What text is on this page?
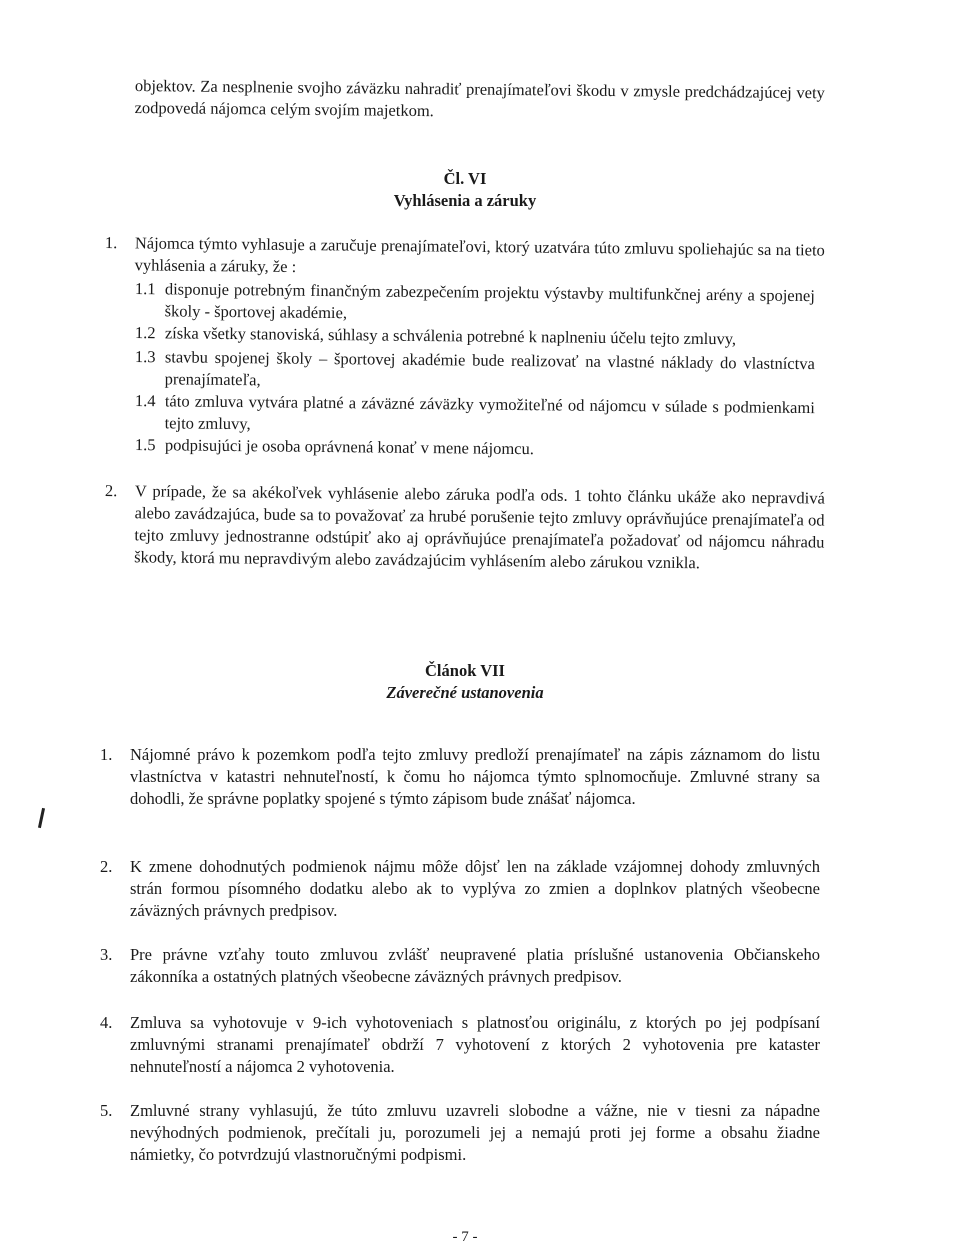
objektov. Za nesplnenie svojho záväzku nahradiť prenajímateľovi škodu v zmysle predchádzajúcej vety zodpovedá nájomca celým svojím majetkom.
Čl. VI
Vyhlásenia a záruky
1.	Nájomca týmto vyhlasuje a zaručuje prenajímateľovi, ktorý uzatvára túto zmluvu spoliehajúc sa na tieto vyhlásenia a záruky, že :
1.1 disponuje potrebným finančným zabezpečením projektu výstavby multifunkčnej arény a spojenej školy - športovej akadémie,
1.2 získa všetky stanoviská, súhlasy a schválenia potrebné k naplneniu účelu tejto zmluvy,
1.3 stavbu spojenej školy – športovej akadémie bude realizovať na vlastné náklady do vlastníctva prenajímateľa,
1.4 táto zmluva vytvára platné a záväzné záväzky vymožiteľné od nájomcu v súlade s podmienkami tejto zmluvy,
1.5 podpisujúci je osoba oprávnená konať v mene nájomcu.
2.	V prípade, že sa akékoľvek vyhlásenie alebo záruka podľa ods. 1 tohto článku ukáže ako nepravdivá alebo zavádzajúca, bude sa to považovať za hrubé porušenie tejto zmluvy oprávňujúce prenajímateľa od tejto zmluvy jednostranne odstúpiť ako aj oprávňujúce prenajímateľa požadovať od nájomcu náhradu škody, ktorá mu nepravdivým alebo zavádzajúcim vyhlásením alebo zárukou vznikla.
Článok VII
Záverečné ustanovenia
1.	Nájomné právo k pozemkom podľa tejto zmluvy predloží prenajímateľ na zápis záznamom do listu vlastníctva v katastri nehnuteľností, k čomu ho nájomca týmto splnomocňuje. Zmluvné strany sa dohodli, že správne poplatky spojené s týmto zápisom bude znášať nájomca.
2.	K zmene dohodnutých podmienok nájmu môže dôjsť len na základe vzájomnej dohody zmluvných strán formou písomného dodatku alebo ak to vyplýva zo zmien a doplnkov platných všeobecne záväzných právnych predpisov.
3.	Pre právne vzťahy touto zmluvou zvlášť neupravené platia príslušné ustanovenia Občianskeho zákonníka a ostatných platných všeobecne záväzných právnych predpisov.
4.	Zmluva sa vyhotovuje v 9-ich vyhotoveniach s platnosťou originálu, z ktorých po jej podpísaní zmluvnými stranami prenajímateľ obdrží 7 vyhotovení z ktorých 2 vyhotovenia pre kataster nehnuteľností a nájomca 2 vyhotovenia.
5.	Zmluvné strany vyhlasujú, že túto zmluvu uzavreli slobodne a vážne, nie v tiesni za nápadne nevýhodných podmienok, prečítali ju, porozumeli jej a nemajú proti jej forme a obsahu žiadne námietky, čo potvrdzujú vlastnoručnými podpismi.
- 7 -
